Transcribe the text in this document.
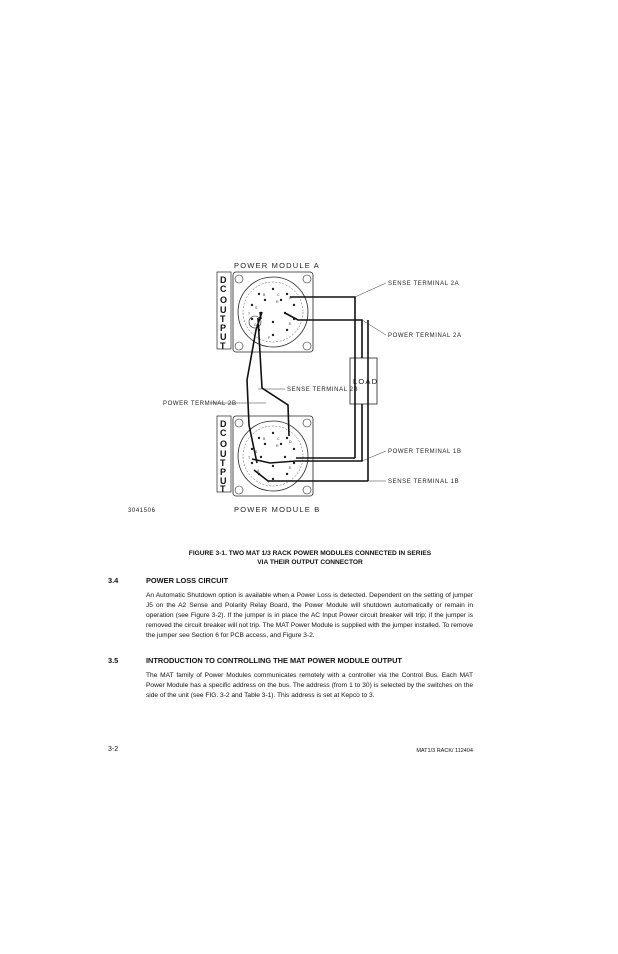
POWER MODULE A
D
C
O
U
T
P
U
T
B	C
D
E
F
G A
T
S
R
D
C
O
U
T
P
U
T
B	C
D
E
F
A
T
S
R
POWER MODULE B
LOAD
SENSE TERMINAL 2A
POWER TERMINAL 2A
SENSE TERMINAL 2B
POWER TERMINAL 2B
POWER TERMINAL 1B
SENSE TERMINAL 1B
3041506
FIGURE 3-1. TWO MAT 1/3 RACK POWER MODULES CONNECTED IN SERIES
VIA THEIR OUTPUT CONNECTOR
3.4	POWER LOSS CIRCUIT

An Automatic Shutdown option is available when a Power Loss is detected. Dependent on the setting of jumper J5 on the A2 Sense and Polarity Relay Board, the Power Module will shutdown automatically or remain in operation (see Figure 3-2). If the jumper is in place the AC Input Power circuit breaker will trip; if the jumper is removed the circuit breaker will not trip. The MAT Power Module is supplied with the jumper installed. To remove the jumper see Section 6 for PCB access, and Figure 3-2.

3.5	INTRODUCTION TO CONTROLLING THE MAT POWER MODULE OUTPUT

The MAT family of Power Modules communicates remotely with a controller via the Control Bus. Each MAT Power Module has a specific address on the bus. The address (from 1 to 30) is selected by the switches on the side of the unit (see FIG. 3-2 and Table 3-1). This address is set at Kepco to 3.

3-2	MAT1/3 RACK/ 112404
